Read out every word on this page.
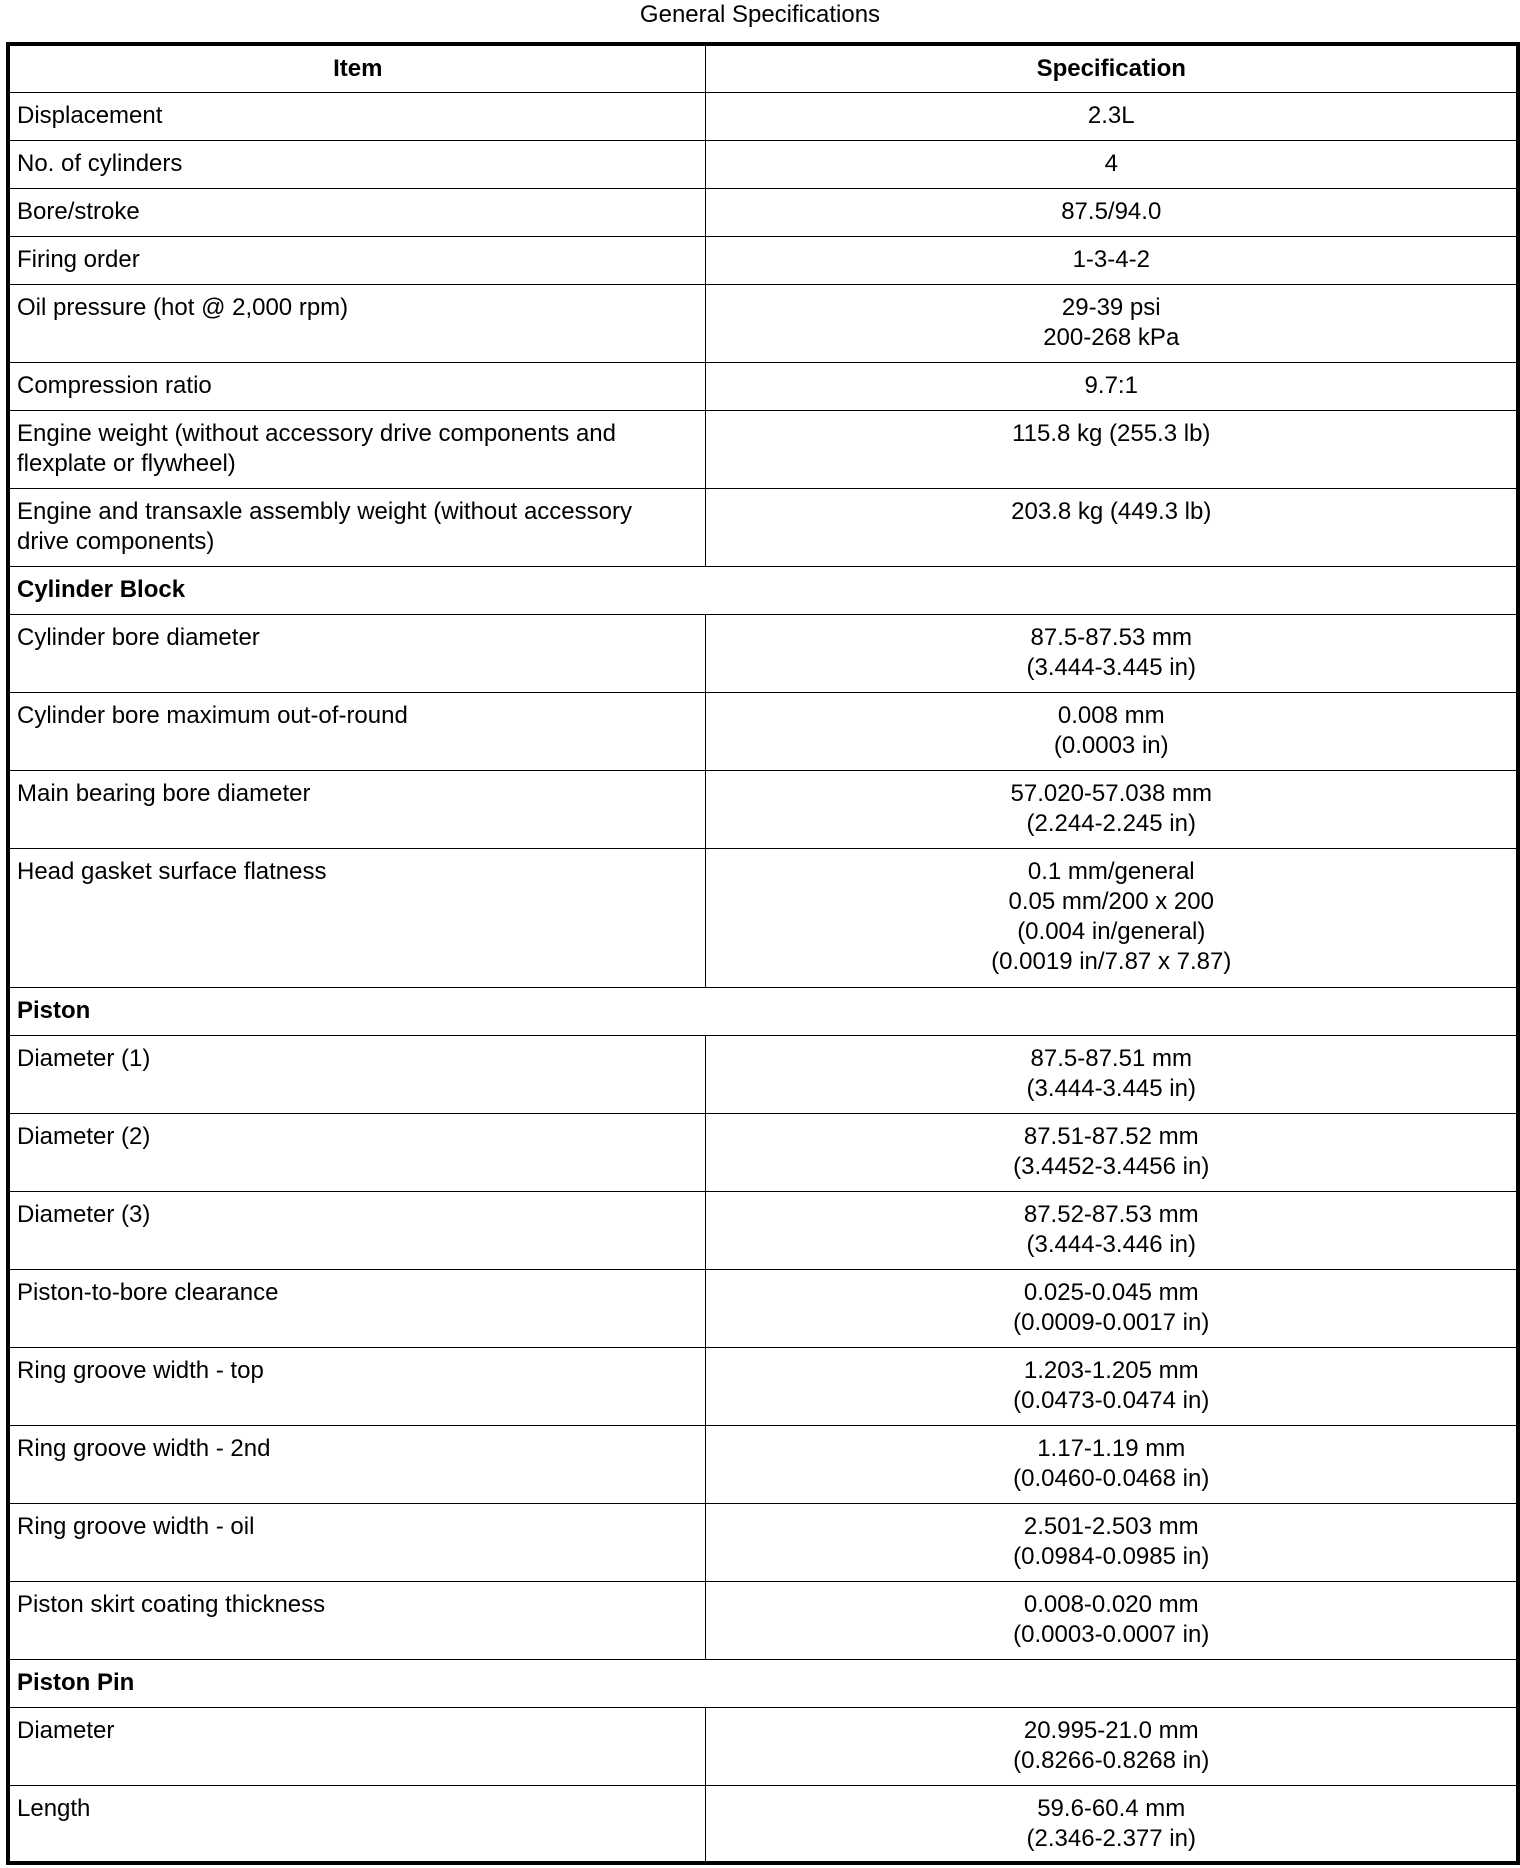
General Specifications
Item	Specification

Displacement	2.3L

No. of cylinders	4

Bore/stroke	87.5/94.0

Firing order	1-3-4-2

Oil pressure (hot @ 2,000 rpm)	29-39 psi
200-268 kPa

Compression ratio	9.7:1

Engine weight (without accessory drive components and
flexplate or flywheel)	115.8 kg (255.3 lb)

Engine and transaxle assembly weight (without accessory
drive components)	203.8 kg (449.3 lb)

Cylinder Block	

Cylinder bore diameter	87.5-87.53 mm
(3.444-3.445 in)

Cylinder bore maximum out-of-round	0.008 mm
(0.0003 in)

Main bearing bore diameter	57.020-57.038 mm
(2.244-2.245 in)

Head gasket surface flatness	0.1 mm/general
0.05 mm/200 x 200
(0.004 in/general)
(0.0019 in/7.87 x 7.87)

Piston	

Diameter (1)	87.5-87.51 mm
(3.444-3.445 in)

Diameter (2)	87.51-87.52 mm
(3.4452-3.4456 in)

Diameter (3)	87.52-87.53 mm
(3.444-3.446 in)

Piston-to-bore clearance	0.025-0.045 mm
(0.0009-0.0017 in)

Ring groove width - top	1.203-1.205 mm
(0.0473-0.0474 in)

Ring groove width - 2nd	1.17-1.19 mm
(0.0460-0.0468 in)

Ring groove width - oil	2.501-2.503 mm
(0.0984-0.0985 in)

Piston skirt coating thickness	0.008-0.020 mm
(0.0003-0.0007 in)

Piston Pin	

Diameter	20.995-21.0 mm
(0.8266-0.8268 in)

Length	59.6-60.4 mm
(2.346-2.377 in)
